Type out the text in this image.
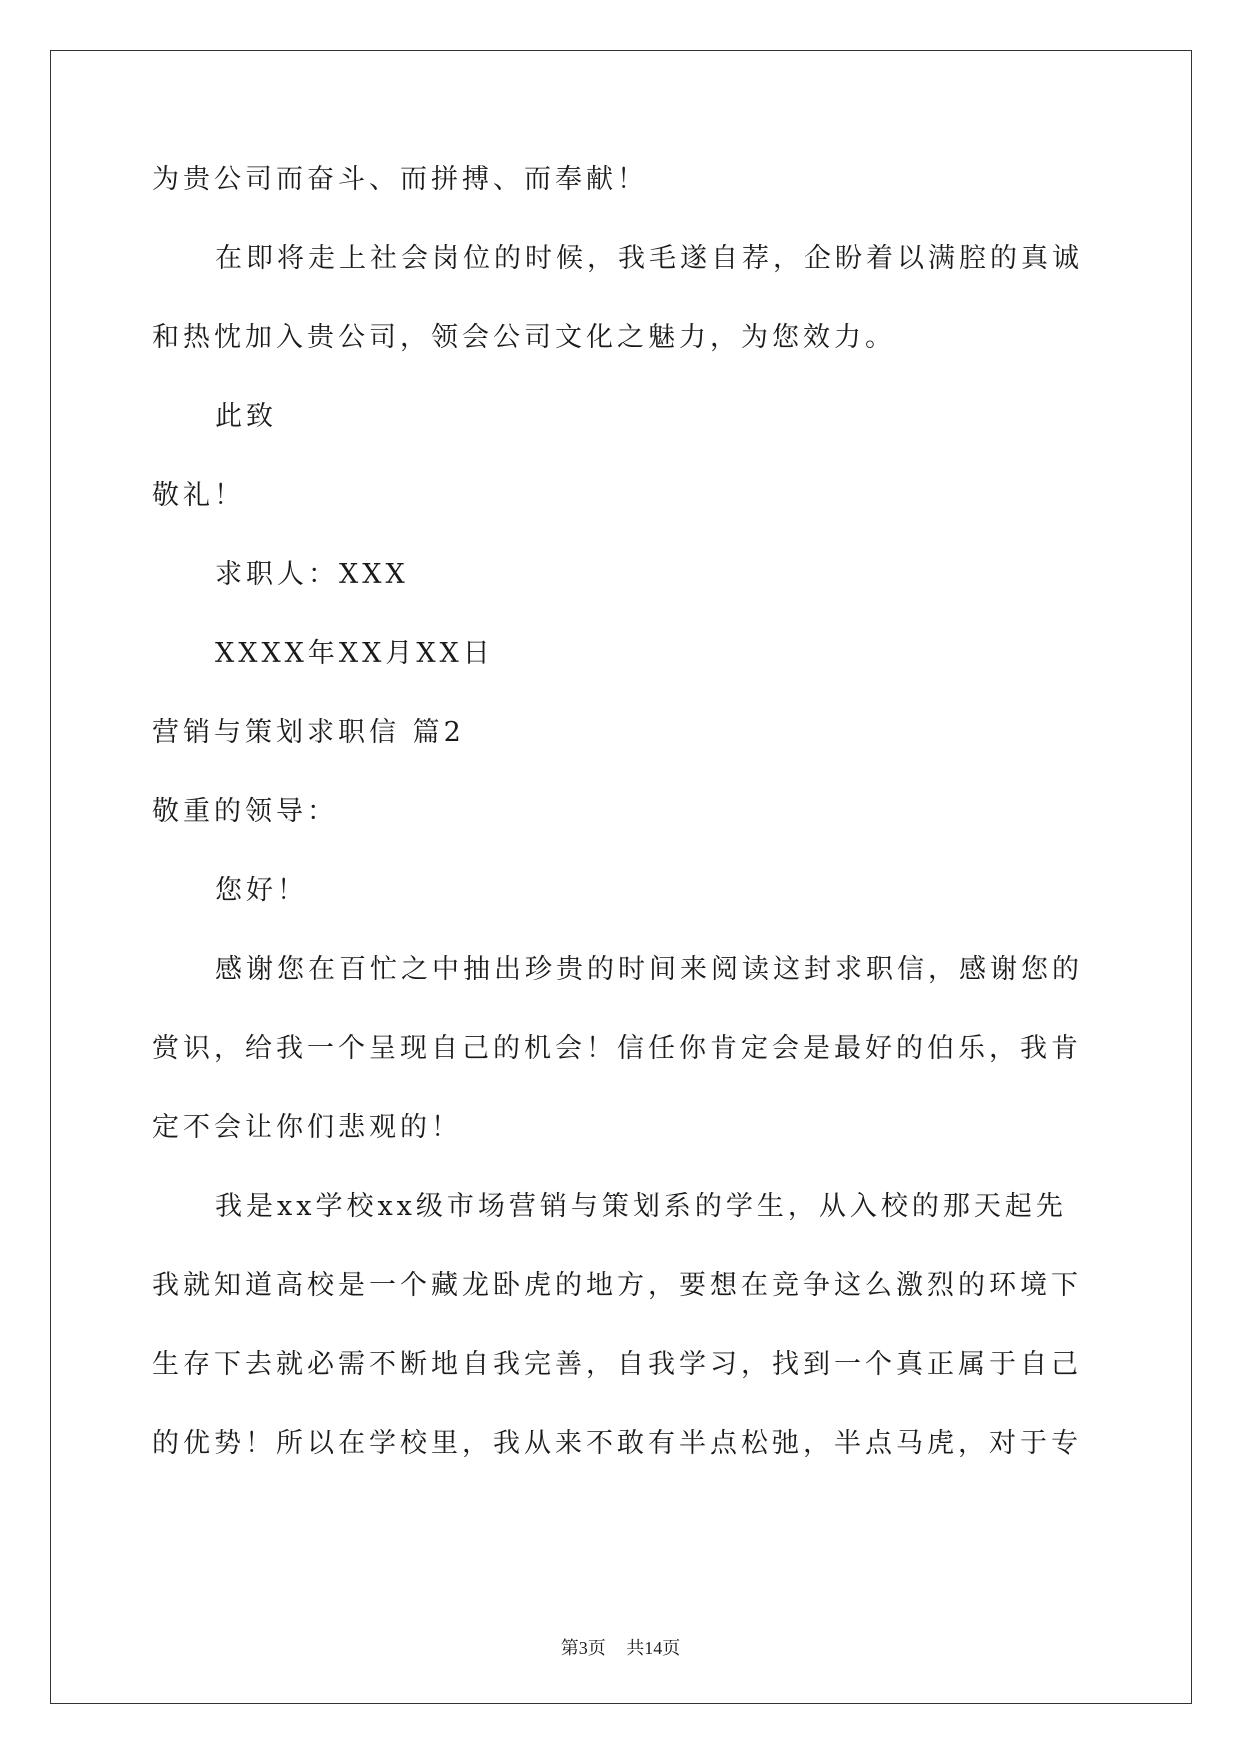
为贵公司而奋斗、而拼搏、而奉献！
在即将走上社会岗位的时候，我毛遂自荐，企盼着以满腔的真诚
和热忱加入贵公司，领会公司文化之魅力，为您效力。
此致
敬礼！
求职人：XXX
XXXX年XX月XX日
营销与策划求职信 篇2
敬重的领导：
您好！
感谢您在百忙之中抽出珍贵的时间来阅读这封求职信，感谢您的
赏识，给我一个呈现自己的机会！信任你肯定会是最好的伯乐，我肯
定不会让你们悲观的！
我是xx学校xx级市场营销与策划系的学生，从入校的那天起先
我就知道高校是一个藏龙卧虎的地方，要想在竞争这么激烈的环境下
生存下去就必需不断地自我完善，自我学习，找到一个真正属于自己
的优势！所以在学校里，我从来不敢有半点松弛，半点马虎，对于专
第3页 共14页
